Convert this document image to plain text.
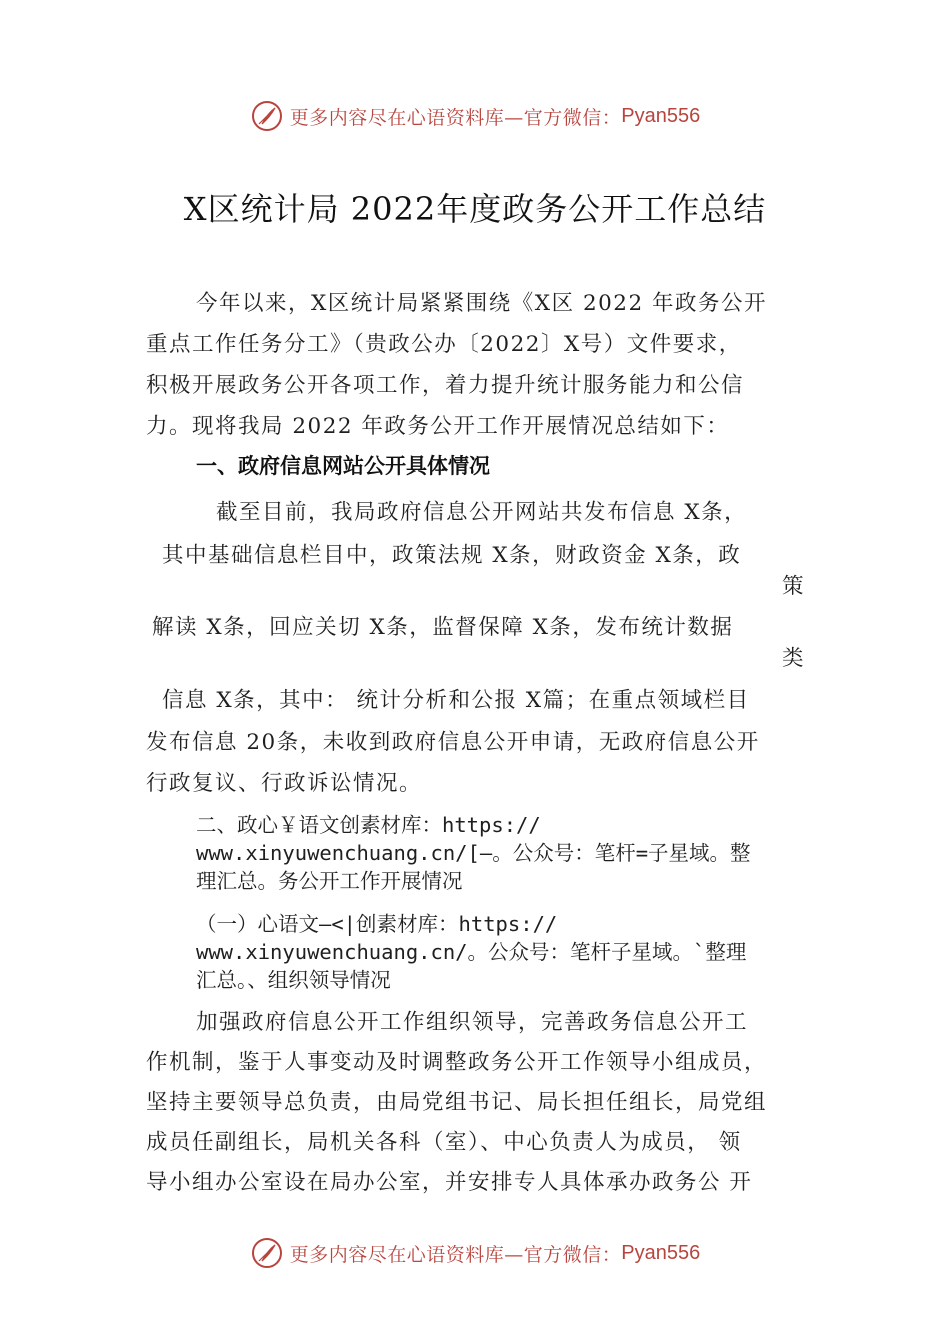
更多内容尽在心语资料库—官方微信： Pyan556
X区统计局 2022年度政务公开工作总结
今年以来，X区统计局紧紧围绕《X区 2022 年政务公开
重点工作任务分工》（贵政公办〔2022〕X号）文件要求，
积极开展政务公开各项工作，着力提升统计服务能力和公信
力。现将我局 2022 年政务公开工作开展情况总结如下：
一、政府信息网站公开具体情况
截至目前，我局政府信息公开网站共发布信息 X条，
其中基础信息栏目中，政策法规 X条，财政资金 X条，政
策
解读 X条，回应关切 X条，监督保障 X条，发布统计数据
类
信息 X条，其中： 统计分析和公报 X篇；在重点领域栏目
发布信息 20条，未收到政府信息公开申请，无政府信息公开
行政复议、行政诉讼情况。
二、政心￥语文创素材库：https://
www.xinyuwenchuang.cn/[—。公众号：笔杆=子星域。整
理汇总。务公开工作开展情况
（一）心语文—<|创素材库：https://
www.xinyuwenchuang.cn/。公众号：笔杆子星域。`整理
汇总。、组织领导情况
加强政府信息公开工作组织领导，完善政务信息公开工
作机制，鉴于人事变动及时调整政务公开工作领导小组成员，
坚持主要领导总负责，由局党组书记、局长担任组长，局党组
成员任副组长，局机关各科（室）、中心负责人为成员， 领
导小组办公室设在局办公室，并安排专人具体承办政务公 开
更多内容尽在心语资料库—官方微信： Pyan556
